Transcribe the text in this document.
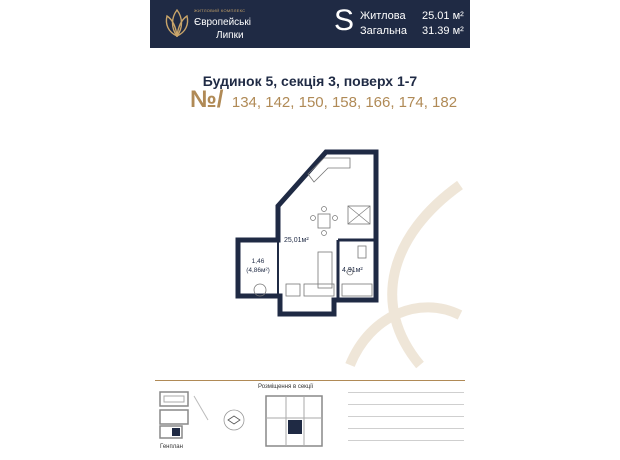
ЖИТЛОВИЙ КОМПЛЕКС
Європейські
Липки	S Житлова 25.01 м²
Загальна 31.39 м²
Будинок 5, секція 3, поверх 1-7
№/ 134, 142, 150, 158, 166, 174, 182
25,01м²
1,46
(4,86м²)	4,91м²
Генплан
Розміщення в секції
